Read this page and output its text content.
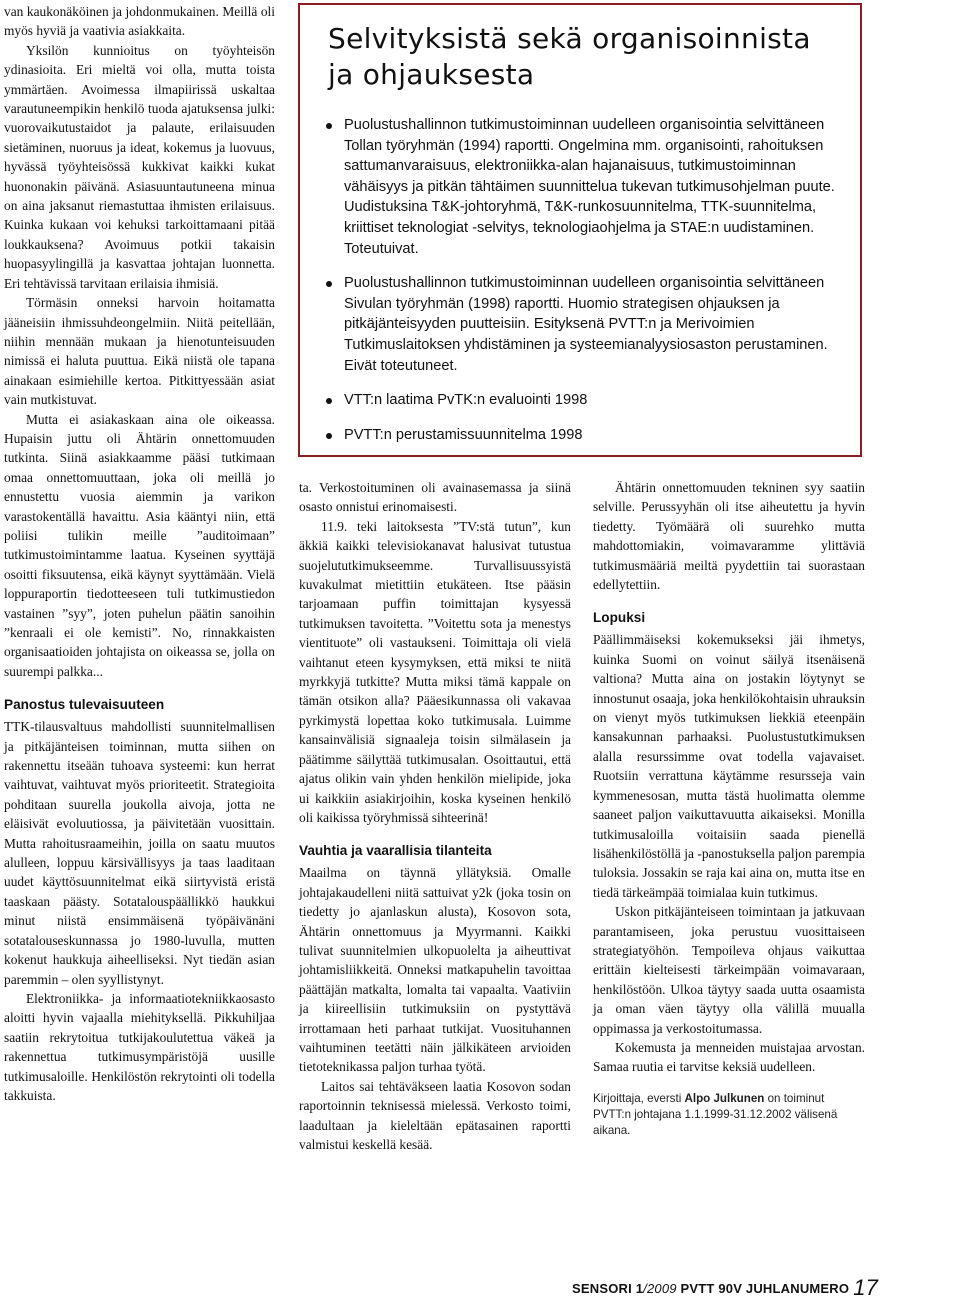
van kaukonäköinen ja johdonmukainen. Meillä oli myös hyviä ja vaativia asiakkaita.

Yksilön kunnioitus on työyhteisön ydinasioita. Eri mieltä voi olla, mutta toista ymmärtäen. Avoimessa ilmapiirissä uskaltaa varautuneempikin henkilö tuoda ajatuksensa julki: vuorovaikutustaidot ja palaute, erilaisuuden sietäminen, nuoruus ja ideat, kokemus ja luovuus, hyvässä työyhteisössä kukkivat kaikki kukat huononakin päivänä. Asiasuuntautuneena minua on aina jaksanut riemastuttaa ihmisten erilaisuus. Kuinka kukaan voi kehuksi tarkoittamaani pitää loukkauksena? Avoimuus potkii takaisin huopasyylingillä ja kasvattaa johtajan luonnetta. Eri tehtävissä tarvitaan erilaisia ihmisiä.

Törmäsin onneksi harvoin hoitamatta jääneisiin ihmissuhdeongelmiin. Niitä peitellään, niihin mennään mukaan ja hienotunteisuuden nimissä ei haluta puuttua. Eikä niistä ole tapana ainakaan esimiehille kertoa. Pitkittyessään asiat vain mutkistuvat.

Mutta ei asiakaskaan aina ole oikeassa. Hupaisin juttu oli Ähtärin onnettomuuden tutkinta. Siinä asiakkaamme pääsi tutkimaan omaa onnettomuuttaan, joka oli meillä jo ennustettu vuosia aiemmin ja varikon varastokentällä havaittu. Asia kääntyi niin, että poliisi tulikin meille ”auditoimaan” tutkimustoimintamme laatua. Kyseinen syyttäjä osoitti fiksuutensa, eikä käynyt syyttämään. Vielä loppuraportin tiedotteeseen tuli tutkimustiedon vastainen ”syy”, joten puhelun päätin sanoihin ”kenraali ei ole kemisti”. No, rinnakkaisten organisaatioiden johtajista on oikeassa se, jolla on suurempi palkka...

Panostus tulevaisuuteen

TTK-tilausvaltuus mahdollisti suunnitelmallisen ja pitkäjänteisen toiminnan, mutta siihen on rakennettu itseään tuhoava systeemi: kun herrat vaihtuvat, vaihtuvat myös prioriteetit. Strategioita pohditaan suurella joukolla aivoja, jotta ne eläisivät evoluutiossa, ja päivitetään vuosittain. Mutta rahoitusraameihin, joilla on saatu muutos alulleen, loppuu kärsivällisyys ja taas laaditaan uudet käyttösuunnitelmat eikä siirtyvistä eristä taaskaan päästy. Sotatalouspäällikkö haukkui minut niistä ensimmäisenä työpäivänäni sotatalouseskunnassa jo 1980-luvulla, mutten kokenut haukkuja aiheelliseksi. Nyt tiedän asian paremmin – olen syyllistynyt.

Elektroniikka- ja informaatiotekniikkaosasto aloitti hyvin vajaalla miehityksellä. Pikkuhiljaa saatiin rekrytoitua tutkijakoulutettua väkeä ja rakennettua tutkimusympäristöjä uusille tutkimusaloille. Henkilöstön rekrytointi oli todella takkuista.

Selvityksistä sekä organisoinnista ja ohjauksesta
Puolustushallinnon tutkimustoiminnan uudelleen organisointia selvittäneen Tollan työryhmän (1994) raportti. Ongelmina mm. organisointi, rahoituksen sattumanvaraisuus, elektroniikka-alan hajanaisuus, tutkimustoiminnan vähäisyys ja pitkän tähtäimen suunnittelua tukevan tutkimusohjelman puute. Uudistuksina T&K-johtoryhmä, T&K-runkosuunnitelma, TTK-suunnitelma, kriittiset teknologiat -selvitys, teknologiaohjelma ja STAE:n uudistaminen. Toteutuivat.
Puolustushallinnon tutkimustoiminnan uudelleen organisointia selvittäneen Sivulan työryhmän (1998) raportti. Huomio strategisen ohjauksen ja pitkäjänteisyyden puutteisiin. Esityksenä PVTT:n ja Merivoimien Tutkimuslaitoksen yhdistäminen ja systeemianalyysiosaston perustaminen. Eivät toteutuneet.
VTT:n laatima PvTK:n evaluointi 1998
PVTT:n perustamissuunnitelma 1998

ta. Verkostoituminen oli avainasemassa ja siinä osasto onnistui erinomaisesti.

11.9. teki laitoksesta ”TV:stä tutun”, kun äkkiä kaikki televisiokanavat halusivat tutustua suojelututkimukseemme. Turvallisuussyistä kuvakulmat mietittiin etukäteen. Itse pääsin tarjoamaan puffin toimittajan kysyessä tutkimuksen tavoitetta. ”Voitettu sota ja menestys vientituote” oli vastaukseni. Toimittaja oli vielä vaihtanut eteen kysymyksen, että miksi te niitä myrkkyjä tutkitte? Mutta miksi tämä kappale on tämän otsikon alla? Pääesikunnassa oli vakavaa pyrkimystä lopettaa koko tutkimusala. Luimme kansainvälisiä signaaleja toisin silmälasein ja päätimme säilyttää tutkimusalan. Osoittautui, että ajatus olikin vain yhden henkilön mielipide, joka ui kaikkiin asiakirjoihin, koska kyseinen henkilö oli kaikissa työryhmissä sihteerinä!

Vauhtia ja vaarallisia tilanteita

Maailma on täynnä yllätyksiä. Omalle johtajakaudelleni niitä sattuivat y2k (joka tosin on tiedetty jo ajanlaskun alusta), Kosovon sota, Ähtärin onnettomuus ja Myyrmanni. Kaikki tulivat suunnitelmien ulkopuolelta ja aiheuttivat johtamisliikkeitä. Onneksi matkapuhelin tavoittaa päättäjän matkalta, lomalta tai vapaalta. Vaativiin ja kiireellisiin tutkimuksiin on pystyttävä irrottamaan heti parhaat tutkijat. Vuosituhannen vaihtuminen teetätti näin jälkikäteen arvioiden tietoteknikassa paljon turhaa työtä.

Laitos sai tehtäväkseen laatia Kosovon sodan raportoinnin teknisessä mielessä. Verkosto toimi, laadultaan ja kieleltään epätasainen raportti valmistui keskellä kesää.

Ähtärin onnettomuuden tekninen syy saatiin selville. Perussyyhän oli itse aiheutettu ja hyvin tiedetty. Työmäärä oli suurehko mutta mahdottomiakin, voimavaramme ylittäviä tutkimusmääriä meiltä pyydettiin tai suorastaan edellytettiin.

Lopuksi

Päällimmäiseksi kokemukseksi jäi ihmetys, kuinka Suomi on voinut säilyä itsenäisenä valtiona? Mutta aina on jostakin löytynyt se innostunut osaaja, joka henkilökohtaisin uhrauksin on vienyt myös tutkimuksen liekkiä eteenpäin kansakunnan parhaaksi. Puolustustutkimuksen alalla resurssimme ovat todella vajavaiset. Ruotsiin verrattuna käytämme resursseja vain kymmenesosan, mutta tästä huolimatta olemme saaneet paljon vaikuttavuutta aikaiseksi. Monilla tutkimusaloilla voitaisiin saada pienellä lisähenkilöstöllä ja -panostuksella paljon parempia tuloksia. Jossakin se raja kai aina on, mutta itse en tiedä tärkeämpää toimialaa kuin tutkimus.

Uskon pitkäjänteiseen toimintaan ja jatkuvaan parantamiseen, joka perustuu vuosittaiseen strategiatyöhön. Tempoileva ohjaus vaikuttaa erittäin kielteisesti tärkeimpään voimavaraan, henkilöstöön. Ulkoa täytyy saada uutta osaamista ja oman väen täytyy olla välillä muualla oppimassa ja verkostoitumassa.

Kokemusta ja menneiden muistajaa arvostan. Samaa ruutia ei tarvitse keksiä uudelleen.

Kirjoittaja, eversti Alpo Julkunen on toiminut PVTT:n johtajana 1.1.1999-31.12.2002 välisenä aikana.
SENSORI 1/2009 PVTT 90V JUHLANUMERO 17
